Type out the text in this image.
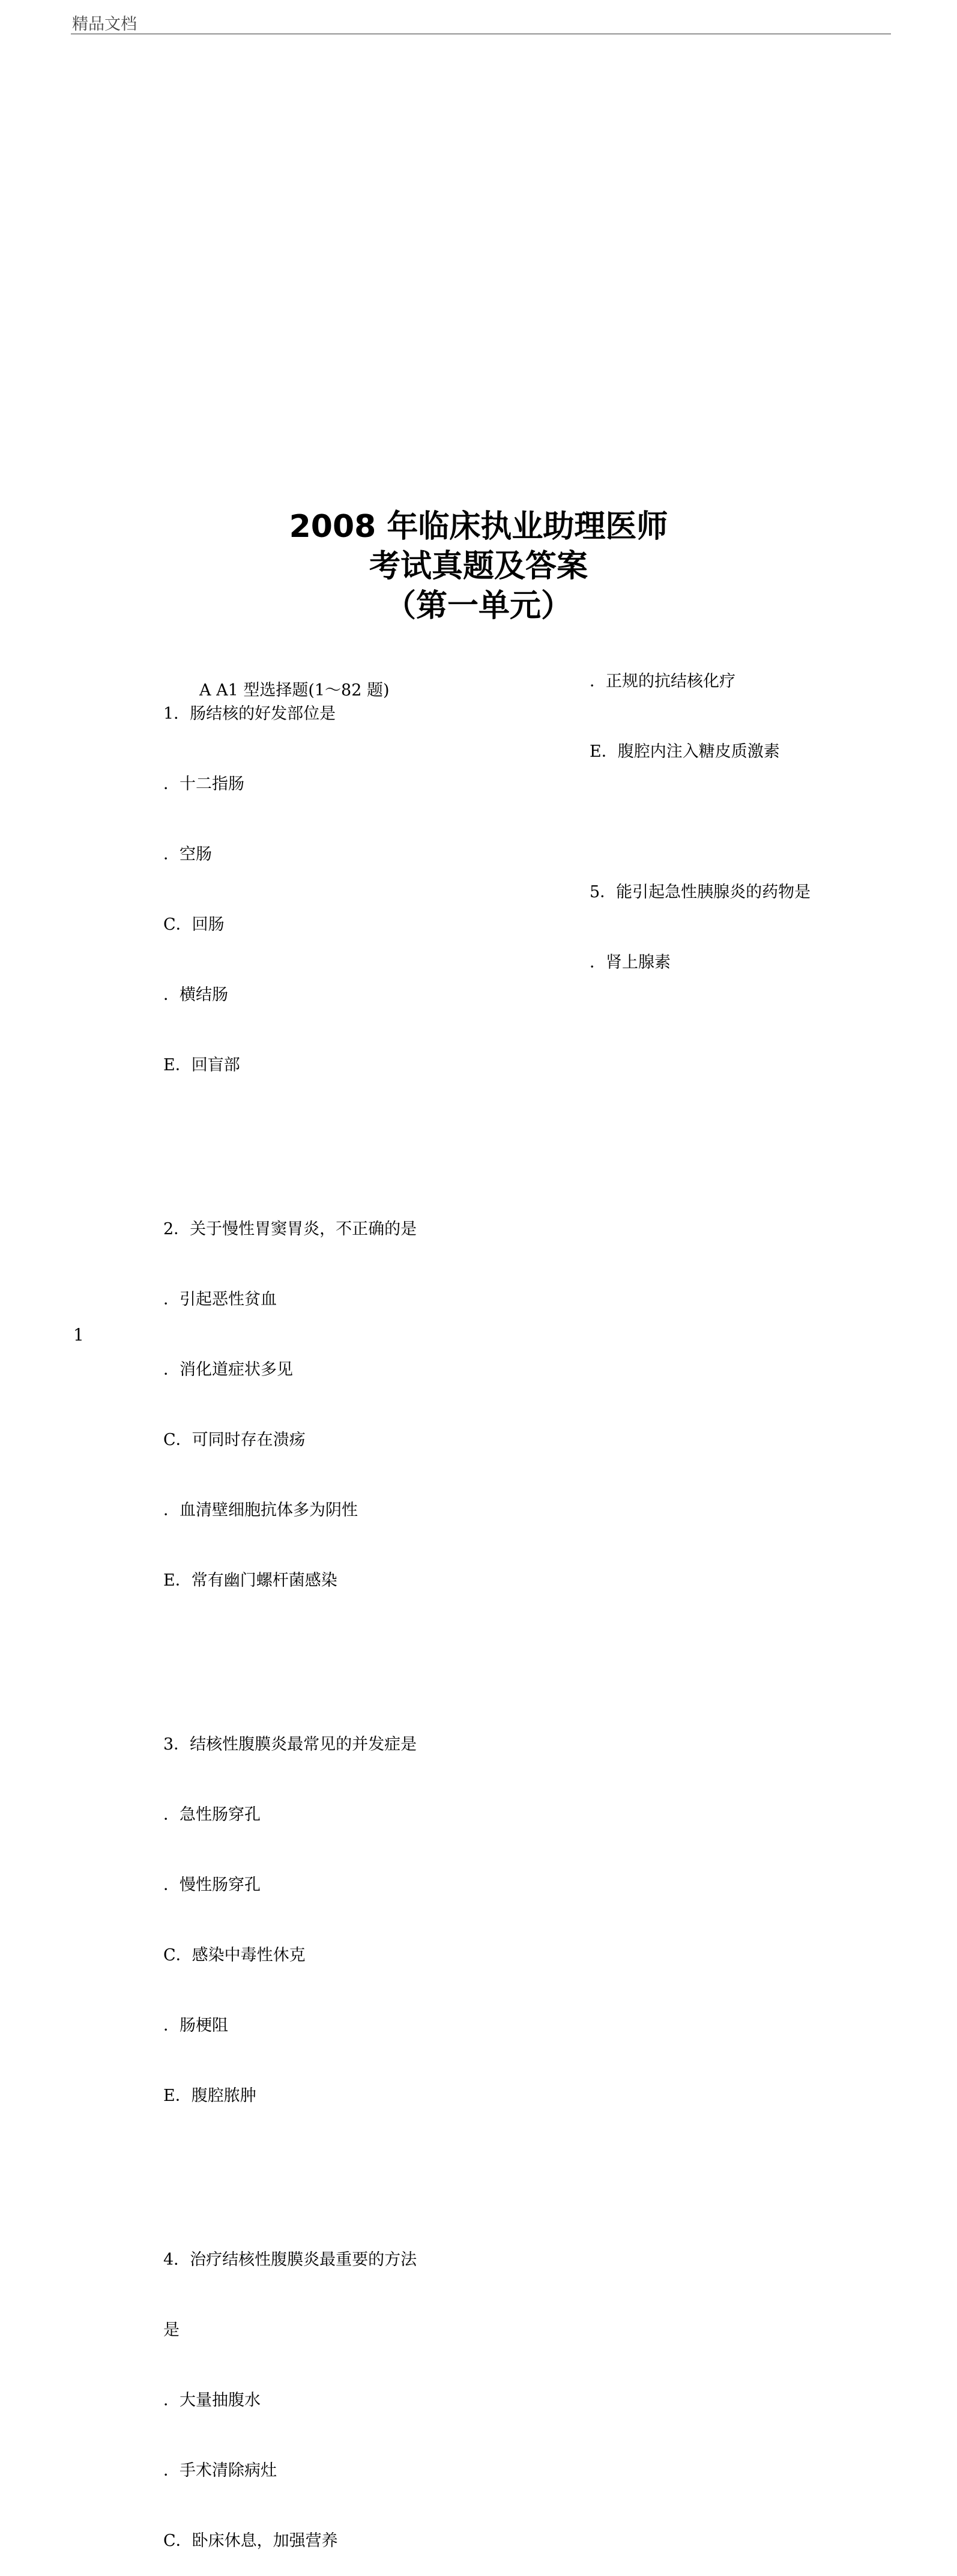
精品文档
2008 年临床执业助理医师
考试真题及答案
（第一单元）

A A1 型选择题(1～82 题)

1．肠结核的好发部位是

．十二指肠

．空肠

C．回肠

．横结肠

E．回盲部

2．关于慢性胃窦胃炎，不正确的是

．引起恶性贫血

．消化道症状多见

C．可同时存在溃疡

．血清壁细胞抗体多为阴性

E．常有幽门螺杆菌感染

3．结核性腹膜炎最常见的并发症是

．急性肠穿孔

．慢性肠穿孔

C．感染中毒性休克

．肠梗阻

E．腹腔脓肿

4．治疗结核性腹膜炎最重要的方法

是

．大量抽腹水

．手术清除病灶

C．卧床休息，加强营养

．正规的抗结核化疗

E．腹腔内注入糖皮质激素

5．能引起急性胰腺炎的药物是

．肾上腺素

1
